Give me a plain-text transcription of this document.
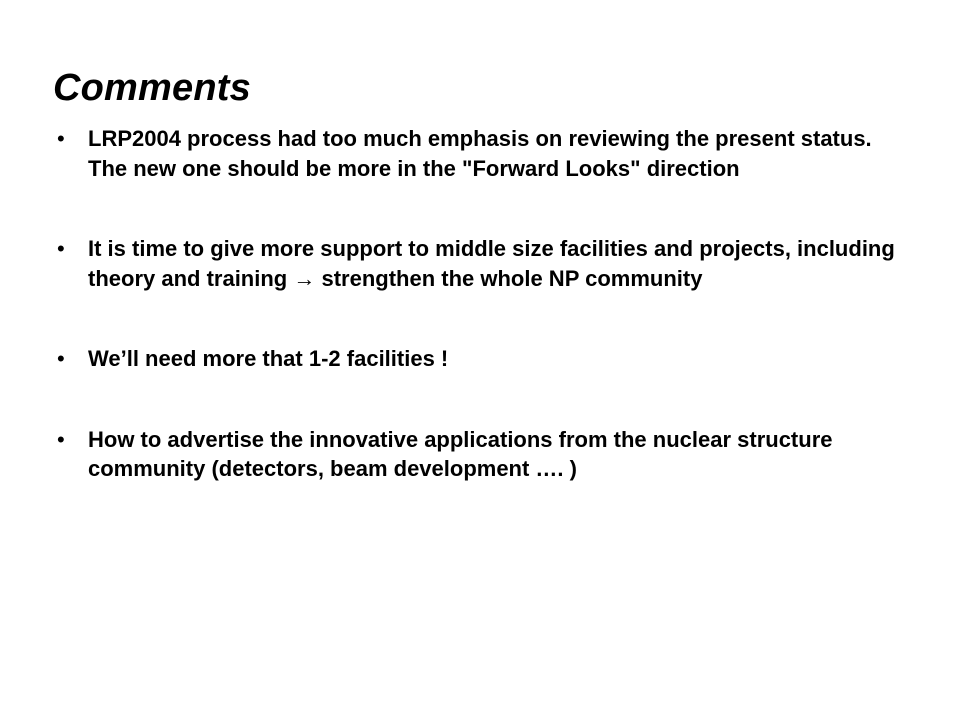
Comments
• LRP2004 process had too much emphasis on reviewing the present status. The new one should be more in the "Forward Looks" direction
• It is time to give more support to middle size facilities and projects, including theory and training → strengthen the whole NP community
• We’ll need more that 1-2 facilities !
• How to advertise the innovative applications from the nuclear structure community (detectors, beam development …. )
